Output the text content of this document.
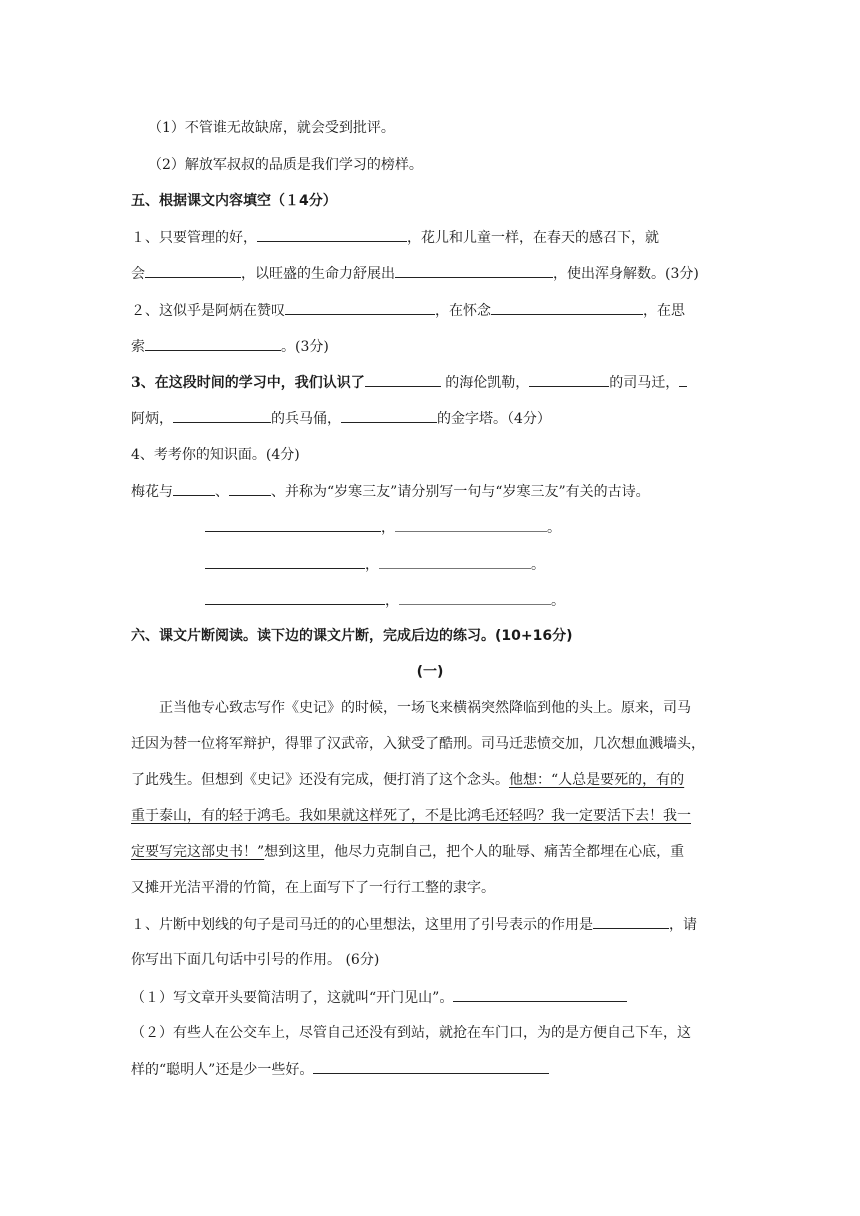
（1）不管谁无故缺席，就会受到批评。
（2）解放军叔叔的品质是我们学习的榜样。
五、根据课文内容填空（１4分）
１、只要管理的好，	，花儿和儿童一样，在春天的感召下，就
会	，以旺盛的生命力舒展出	，使出浑身解数。(3分)
２、这似乎是阿炳在赞叹	，在怀念	，在思
索	。(3分)
3、在这段时间的学习中，我们认识了	的海伦凯勒，	的司马迁，
阿炳，	的兵马俑，	的金字塔。（4分）
4、考考你的知识面。(4分)
梅花与	、	、并称为“岁寒三友”请分别写一句与“岁寒三友”有关的古诗。
，	。
，	。
，	。
六、课文片断阅读。读下边的课文片断，完成后边的练习。(10+16分)
(一)
正当他专心致志写作《史记》的时候，一场飞来横祸突然降临到他的头上。原来，司马
迁因为替一位将军辩护，得罪了汉武帝，入狱受了酷刑。司马迁悲愤交加，几次想血溅墙头，
了此残生。但想到《史记》还没有完成，便打消了这个念头。他想：“人总是要死的，有的
重于泰山，有的轻于鸿毛。我如果就这样死了，不是比鸿毛还轻吗？我一定要活下去！我一
定要写完这部史书！”想到这里，他尽力克制自己，把个人的耻辱、痛苦全都埋在心底，重
又摊开光洁平滑的竹简，在上面写下了一行行工整的隶字。
１、片断中划线的句子是司马迁的的心里想法，这里用了引号表示的作用是	，请
你写出下面几句话中引号的作用。 (6分)
（１）写文章开头要简洁明了，这就叫“开门见山”。
（２）有些人在公交车上，尽管自己还没有到站，就抢在车门口，为的是方便自己下车，这
样的“聪明人”还是少一些好。
